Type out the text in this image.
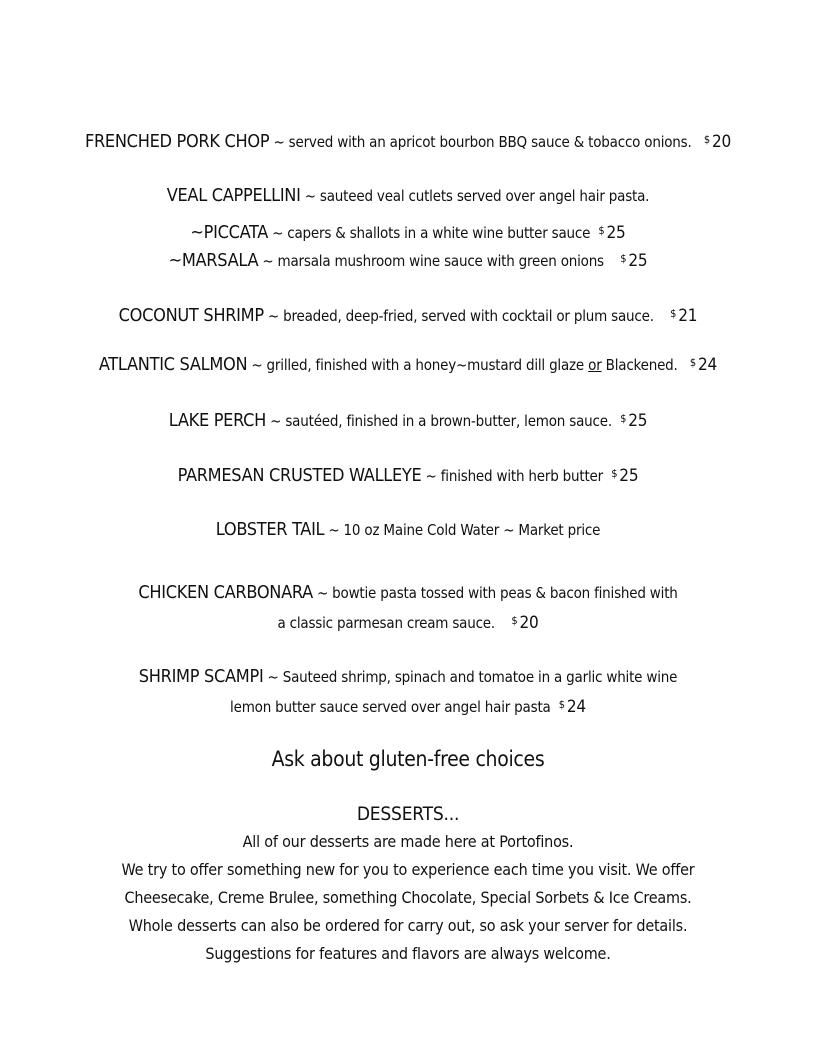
FRENCHED PORK CHOP ~ served with an apricot bourbon BBQ sauce & tobacco onions. $ 20
VEAL CAPPELLINI ~ sauteed veal cutlets served over angel hair pasta.
~PICCATA ~ capers & shallots in a white wine butter sauce $ 25
~MARSALA ~ marsala mushroom wine sauce with green onions $ 25
COCONUT SHRIMP ~ breaded, deep-fried, served with cocktail or plum sauce. $ 21
ATLANTIC SALMON ~ grilled, finished with a honey~mustard dill glaze or Blackened. $ 24
LAKE PERCH ~ sautéed, finished in a brown-butter, lemon sauce. $ 25
PARMESAN CRUSTED WALLEYE ~ finished with herb butter $ 25
LOBSTER TAIL ~ 10 oz Maine Cold Water ~ Market price
CHICKEN CARBONARA ~ bowtie pasta tossed with peas & bacon finished with
a classic parmesan cream sauce. $ 20
SHRIMP SCAMPI ~ Sauteed shrimp, spinach and tomatoe in a garlic white wine
lemon butter sauce served over angel hair pasta $ 24
Ask about gluten-free choices
DESSERTS...
All of our desserts are made here at Portofinos.
We try to offer something new for you to experience each time you visit. We offer
Cheesecake, Creme Brulee, something Chocolate, Special Sorbets & Ice Creams.
Whole desserts can also be ordered for carry out, so ask your server for details.
Suggestions for features and flavors are always welcome.
